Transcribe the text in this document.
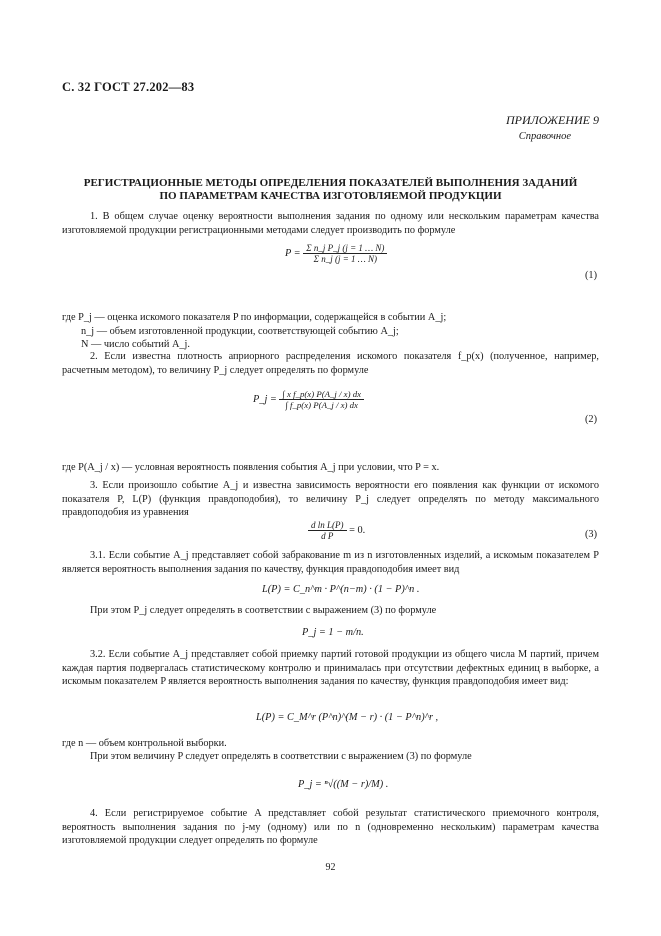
С. 32 ГОСТ 27.202—83
ПРИЛОЖЕНИЕ 9
Справочное
РЕГИСТРАЦИОННЫЕ МЕТОДЫ ОПРЕДЕЛЕНИЯ ПОКАЗАТЕЛЕЙ ВЫПОЛНЕНИЯ ЗАДАНИЙ
ПО ПАРАМЕТРАМ КАЧЕСТВА ИЗГОТОВЛЯЕМОЙ ПРОДУКЦИИ
1. В общем случае оценку вероятности выполнения задания по одному или нескольким параметрам качества изготовляемой продукции регистрационными методами следует производить по формуле
$P = \frac{\text{Σ n\_j P\_j (j = 1 … N)}}{\text{Σ n\_j (j = 1 … N)}}$
(1)
где P_j — оценка искомого показателя P по информации, содержащейся в событии A_j;
n_j — объем изготовленной продукции, соответствующей событию A_j;
N — число событий A_j.
2. Если известна плотность априорного распределения искомого показателя f_p(x) (полученное, например, расчетным методом), то величину P_j следует определять по формуле
P_j = $\frac{\text{∫ x f\_p(x) P(A\_j / x) dx}}{\int f\_p(x) P(A\_j / x) dx}$
(2)
где P(A_j / x) — условная вероятность появления события A_j при условии, что P = x.
3. Если произошло событие A_j и известна зависимость вероятности его появления как функции от искомого показателя P, L(P) (функция правдоподобия), то величину P_j следует определять по методу максимального правдоподобия из уравнения
$\frac{\text{d ln L(P)}}{\text{d P}} = 0$.	(3)
3.1. Если событие A_j представляет собой забракование m из n изготовленных изделий, а искомым показателем P является вероятность выполнения задания по качеству, функция правдоподобия имеет вид
L(P) = C_n^m · P^(n−m) · (1 − P)^n .
При этом P_j следует определять в соответствии с выражением (3) по формуле
P_j = 1 − m/n.
3.2. Если событие A_j представляет собой приемку партий готовой продукции из общего числа M партий, причем каждая партия подвергалась статистическому контролю и принималась при отсутствии дефектных единиц в выборке, а искомым показателем P является вероятность выполнения задания по качеству, функция правдоподобия имеет вид:
L(P) = C_M^r (P^n)^(M − r) · (1 − P^n)^r ,
где n — объем контрольной выборки.
При этом величину P следует определять в соответствии с выражением (3) по формуле
P_j = ⁿ√((M − r)/M) .
4. Если регистрируемое событие A представляет собой результат статистического приемочного контроля, вероятность выполнения задания по j-му (одному) или по n (одновременно нескольким) параметрам качества изготовляемой продукции следует определять по формуле
92
